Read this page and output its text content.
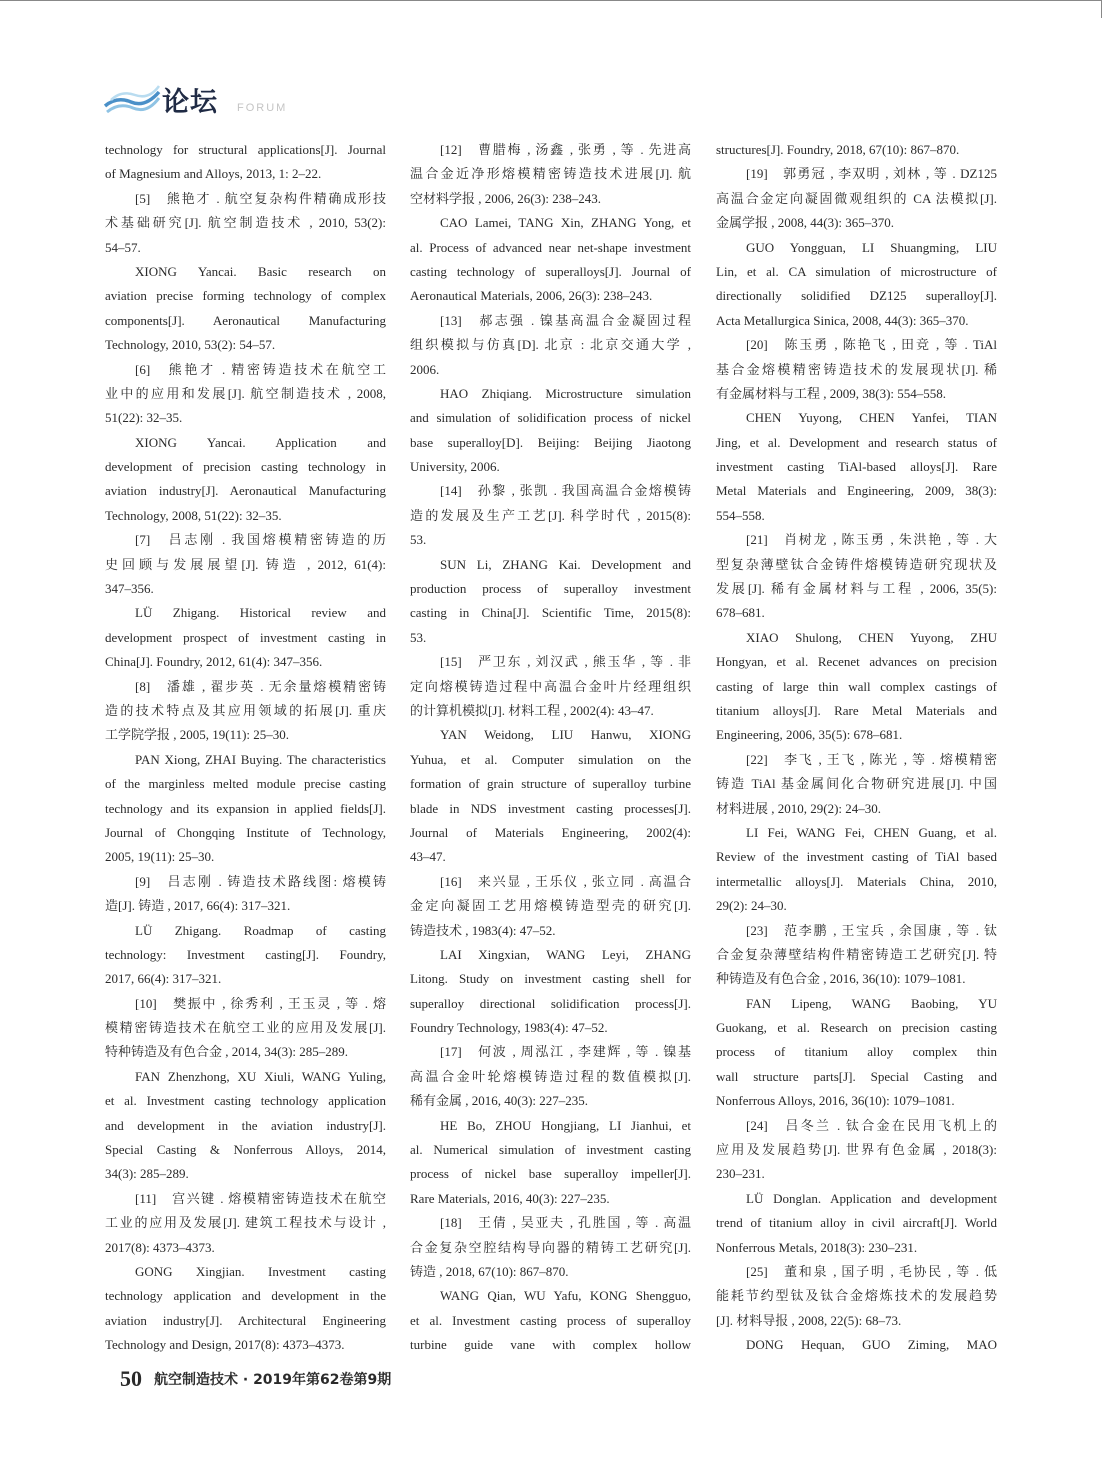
论坛 FORUM
technology for structural applications[J]. Journal
of Magnesium and Alloys, 2013, 1: 2–22.
[5]　熊艳才 . 航空复杂构件精确成形技
术基础研究[J]. 航空制造技术 , 2010, 53(2):
54–57.
XIONG Yancai. Basic research on
aviation precise forming technology of complex
components[J]. Aeronautical Manufacturing
Technology, 2010, 53(2): 54–57.
[6]　熊艳才 . 精密铸造技术在航空工
业中的应用和发展[J]. 航空制造技术 , 2008,
51(22): 32–35.
XIONG Yancai. Application and
development of precision casting technology in
aviation industry[J]. Aeronautical Manufacturing
Technology, 2008, 51(22): 32–35.
[7]　吕志刚 . 我国熔模精密铸造的历
史回顾与发展展望[J]. 铸造 , 2012, 61(4):
347–356.
LÜ Zhigang. Historical review and
development prospect of investment casting in
China[J]. Foundry, 2012, 61(4): 347–356.
[8]　潘雄 , 翟步英 . 无余量熔模精密铸
造的技术特点及其应用领域的拓展[J]. 重庆
工学院学报 , 2005, 19(11): 25–30.
PAN Xiong, ZHAI Buying. The characteristics
of the marginless melted module precise casting
technology and its expansion in applied fields[J].
Journal of Chongqing Institute of Technology,
2005, 19(11): 25–30.
[9]　吕志刚 . 铸造技术路线图: 熔模铸
造[J]. 铸造 , 2017, 66(4): 317–321.
LÜ Zhigang. Roadmap of casting
technology: Investment casting[J]. Foundry,
2017, 66(4): 317–321.
[10]　樊振中 , 徐秀利 , 王玉灵 , 等 . 熔
模精密铸造技术在航空工业的应用及发展[J].
特种铸造及有色合金 , 2014, 34(3): 285–289.
FAN Zhenzhong, XU Xiuli, WANG Yuling,
et al. Investment casting technology application
and development in the aviation industry[J].
Special Casting & Nonferrous Alloys, 2014,
34(3): 285–289.
[11]　宫兴键 . 熔模精密铸造技术在航空
工业的应用及发展[J]. 建筑工程技术与设计 ,
2017(8): 4373–4373.
GONG Xingjian. Investment casting
technology application and development in the
aviation industry[J]. Architectural Engineering
Technology and Design, 2017(8): 4373–4373.
[12]　曹腊梅 , 汤鑫 , 张勇 , 等 . 先进高
温合金近净形熔模精密铸造技术进展[J]. 航
空材料学报 , 2006, 26(3): 238–243.
CAO Lamei, TANG Xin, ZHANG Yong, et
al. Process of advanced near net-shape investment
casting technology of superalloys[J]. Journal of
Aeronautical Materials, 2006, 26(3): 238–243.
[13]　郝志强 . 镍基高温合金凝固过程
组织模拟与仿真[D]. 北京 : 北京交通大学 ,
2006.
HAO Zhiqiang. Microstructure simulation
and simulation of solidification process of nickel
base superalloy[D]. Beijing: Beijing Jiaotong
University, 2006.
[14]　孙黎 , 张凯 . 我国高温合金熔模铸
造的发展及生产工艺[J]. 科学时代 , 2015(8):
53.
SUN Li, ZHANG Kai. Development and
production process of superalloy investment
casting in China[J]. Scientific Time, 2015(8):
53.
[15]　严卫东 , 刘汉武 , 熊玉华 , 等 . 非
定向熔模铸造过程中高温合金叶片经理组织
的计算机模拟[J]. 材料工程 , 2002(4): 43–47.
YAN Weidong, LIU Hanwu, XIONG
Yuhua, et al. Computer simulation on the
formation of grain structure of superalloy turbine
blade in NDS investment casting processes[J].
Journal of Materials Engineering, 2002(4):
43–47.
[16]　来兴显 , 王乐仪 , 张立同 . 高温合
金定向凝固工艺用熔模铸造型壳的研究[J].
铸造技术 , 1983(4): 47–52.
LAI Xingxian, WANG Leyi, ZHANG
Litong. Study on investment casting shell for
superalloy directional solidification process[J].
Foundry Technology, 1983(4): 47–52.
[17]　何波 , 周泓江 , 李建辉 , 等 . 镍基
高温合金叶轮熔模铸造过程的数值模拟[J].
稀有金属 , 2016, 40(3): 227–235.
HE Bo, ZHOU Hongjiang, LI Jianhui, et
al. Numerical simulation of investment casting
process of nickel base superalloy impeller[J].
Rare Materials, 2016, 40(3): 227–235.
[18]　王倩 , 吴亚夫 , 孔胜国 , 等 . 高温
合金复杂空腔结构导向器的精铸工艺研究[J].
铸造 , 2018, 67(10): 867–870.
WANG Qian, WU Yafu, KONG Shengguo,
et al. Investment casting process of superalloy
turbine guide vane with complex hollow
structures[J]. Foundry, 2018, 67(10): 867–870.
[19]　郭勇冠 , 李双明 , 刘林 , 等 . DZ125
高温合金定向凝固微观组织的 CA 法模拟[J].
金属学报 , 2008, 44(3): 365–370.
GUO Yongguan, LI Shuangming, LIU
Lin, et al. CA simulation of microstructure of
directionally solidified DZ125 superalloy[J].
Acta Metallurgica Sinica, 2008, 44(3): 365–370.
[20]　陈玉勇 , 陈艳飞 , 田竞 , 等 . TiAl
基合金熔模精密铸造技术的发展现状[J]. 稀
有金属材料与工程 , 2009, 38(3): 554–558.
CHEN Yuyong, CHEN Yanfei, TIAN
Jing, et al. Development and research status of
investment casting TiAl-based alloys[J]. Rare
Metal Materials and Engineering, 2009, 38(3):
554–558.
[21]　肖树龙 , 陈玉勇 , 朱洪艳 , 等 . 大
型复杂薄壁钛合金铸件熔模铸造研究现状及
发展[J]. 稀有金属材料与工程 , 2006, 35(5):
678–681.
XIAO Shulong, CHEN Yuyong, ZHU
Hongyan, et al. Recenet advances on precision
casting of large thin wall complex castings of
titanium alloys[J]. Rare Metal Materials and
Engineering, 2006, 35(5): 678–681.
[22]　李飞 , 王飞 , 陈光 , 等 . 熔模精密
铸造 TiAl 基金属间化合物研究进展[J]. 中国
材料进展 , 2010, 29(2): 24–30.
LI Fei, WANG Fei, CHEN Guang, et al.
Review of the investment casting of TiAl based
intermetallic alloys[J]. Materials China, 2010,
29(2): 24–30.
[23]　范李鹏 , 王宝兵 , 余国康 , 等 . 钛
合金复杂薄壁结构件精密铸造工艺研究[J]. 特
种铸造及有色合金 , 2016, 36(10): 1079–1081.
FAN Lipeng, WANG Baobing, YU
Guokang, et al. Research on precision casting
process of titanium alloy complex thin
wall structure parts[J]. Special Casting and
Nonferrous Alloys, 2016, 36(10): 1079–1081.
[24]　吕冬兰 . 钛合金在民用飞机上的
应用及发展趋势[J]. 世界有色金属 , 2018(3):
230–231.
LÜ Donglan. Application and development
trend of titanium alloy in civil aircraft[J]. World
Nonferrous Metals, 2018(3): 230–231.
[25]　董和泉 , 国子明 , 毛协民 , 等 . 低
能耗节约型钛及钛合金熔炼技术的发展趋势
[J]. 材料导报 , 2008, 22(5): 68–73.
DONG Hequan, GUO Ziming, MAO
50 航空制造技术 · 2019年第62卷第9期
